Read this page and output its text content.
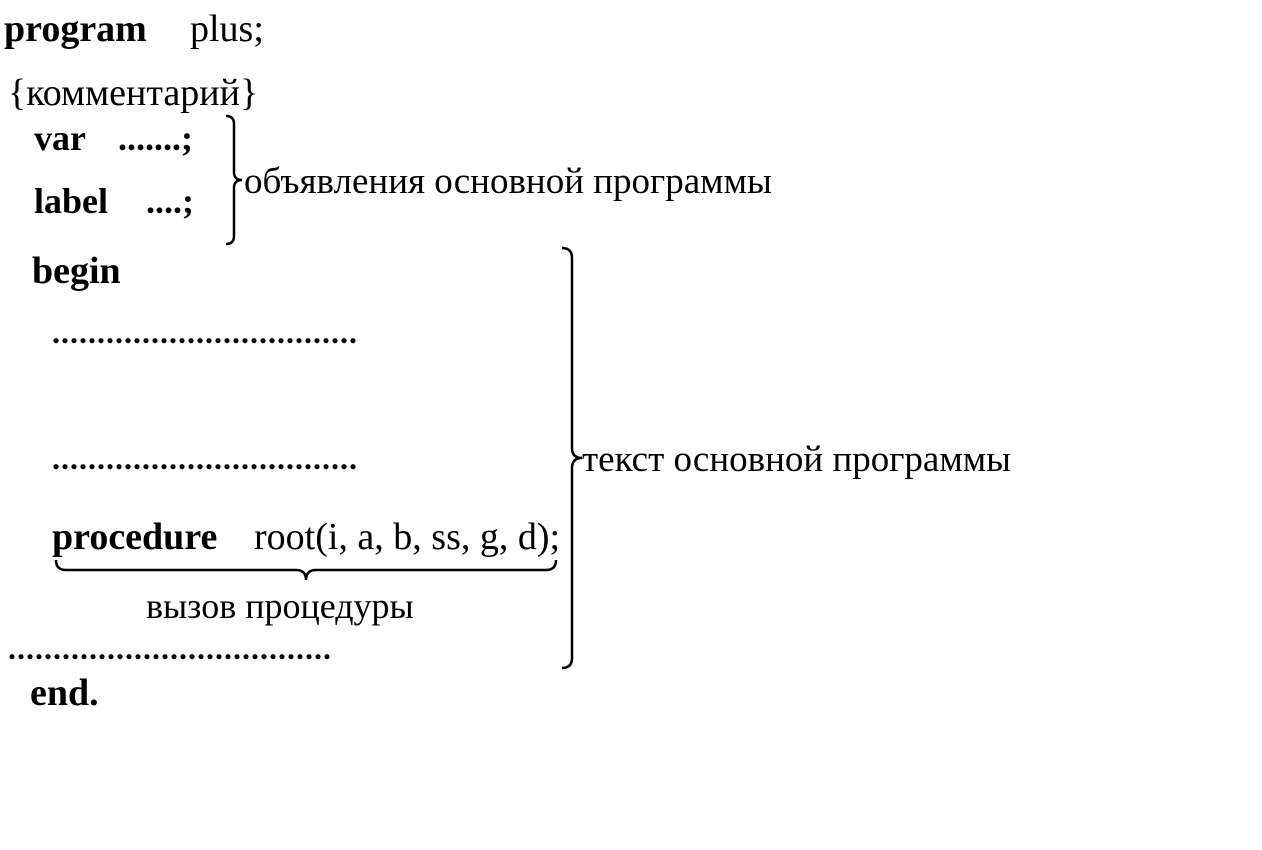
program plus;
{комментарий}
var .......;
label ....; объявления основной программы
begin
..................................
..................................
procedure root(i, a, b, ss, g, d);
вызов процедуры
....................................
текст основной программы
end.
